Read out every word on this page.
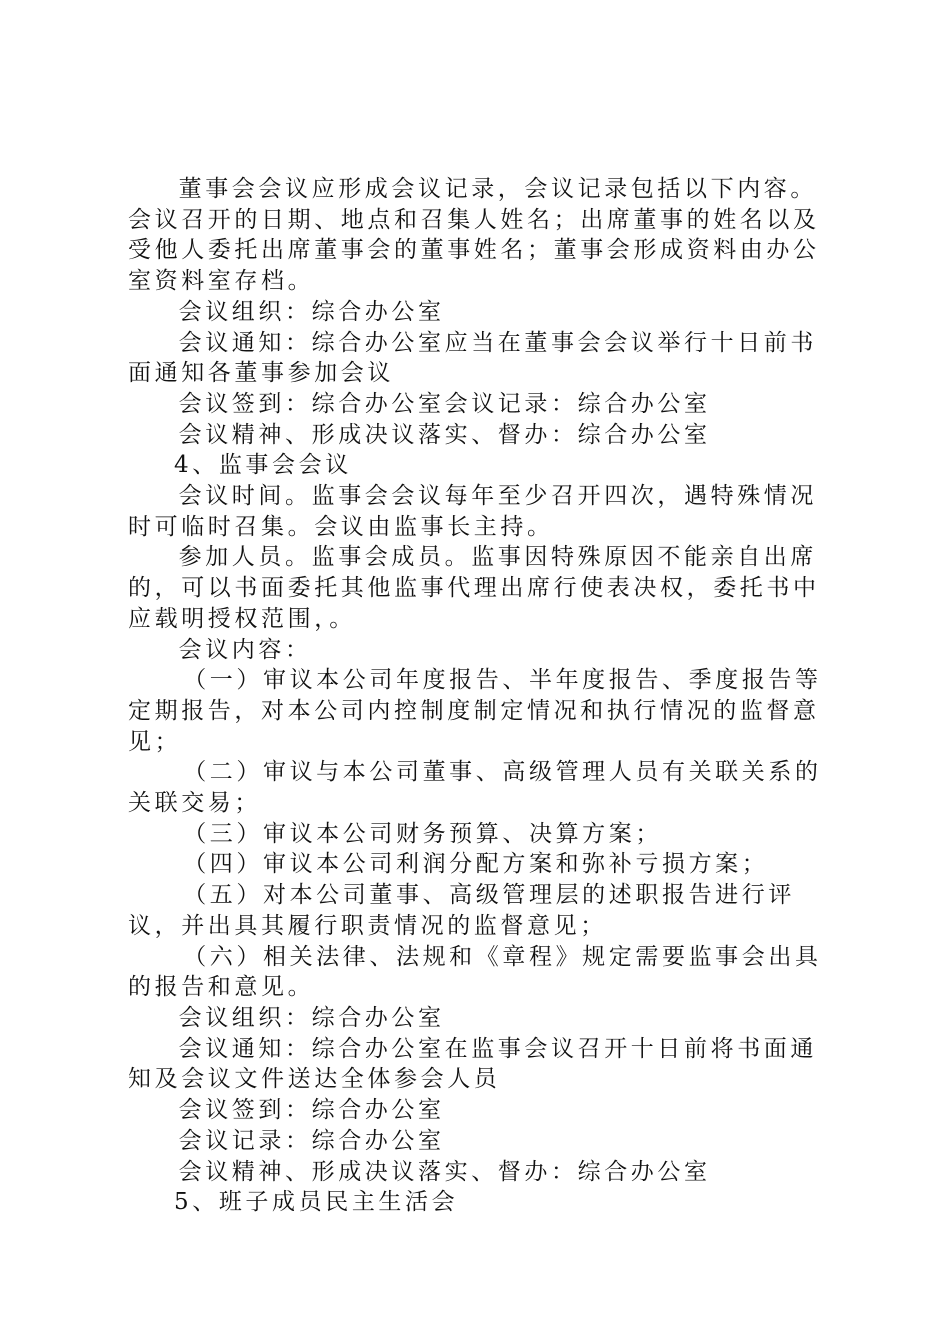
董事会会议应形成会议记录，会议记录包括以下内容。会议召开的日期、地点和召集人姓名；出席董事的姓名以及受他人委托出席董事会的董事姓名；董事会形成资料由办公室资料室存档。

会议组织：综合办公室

会议通知：综合办公室应当在董事会会议举行十日前书面通知各董事参加会议

会议签到：综合办公室会议记录：综合办公室

会议精神、形成决议落实、督办：综合办公室

4、监事会会议

会议时间。监事会会议每年至少召开四次，遇特殊情况时可临时召集。会议由监事长主持。

参加人员。监事会成员。监事因特殊原因不能亲自出席的，可以书面委托其他监事代理出席行使表决权，委托书中应载明授权范围，。

会议内容：

（一）审议本公司年度报告、半年度报告、季度报告等定期报告，对本公司内控制度制定情况和执行情况的监督意见；

（二）审议与本公司董事、高级管理人员有关联关系的关联交易；

（三）审议本公司财务预算、决算方案；

（四）审议本公司利润分配方案和弥补亏损方案；

（五）对本公司董事、高级管理层的述职报告进行评议，并出具其履行职责情况的监督意见；

（六）相关法律、法规和《章程》规定需要监事会出具的报告和意见。

会议组织：综合办公室

会议通知：综合办公室在监事会议召开十日前将书面通知及会议文件送达全体参会人员

会议签到：综合办公室

会议记录：综合办公室

会议精神、形成决议落实、督办：综合办公室

5、班子成员民主生活会
